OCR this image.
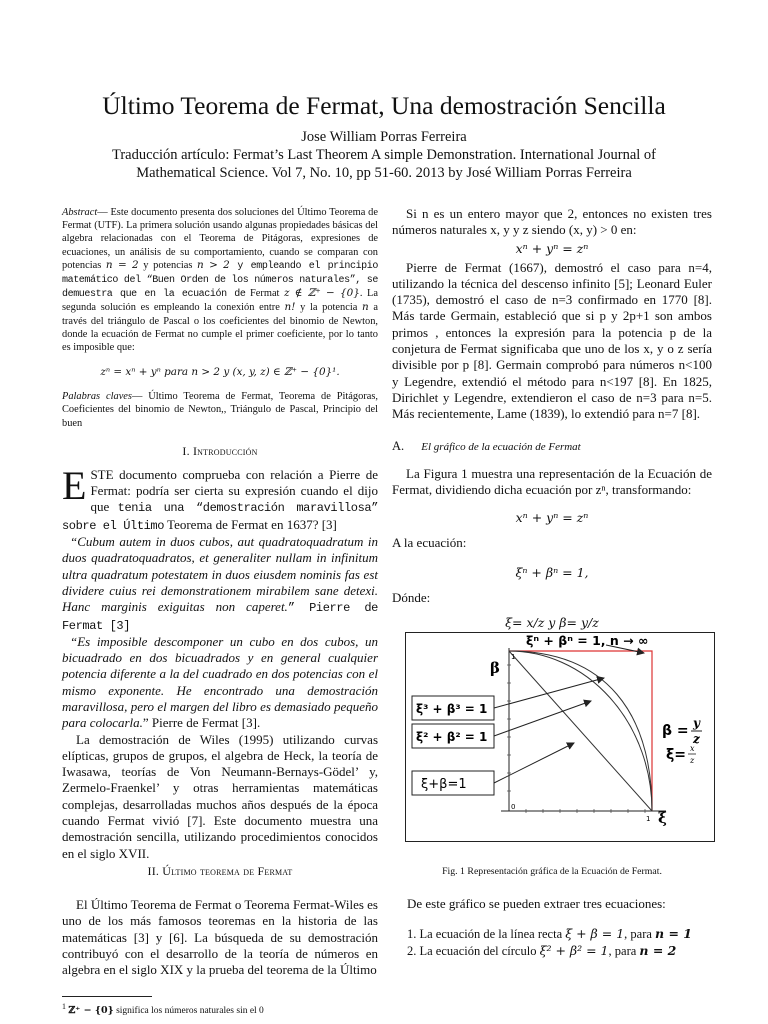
Último Teorema de Fermat, Una demostración Sencilla
Jose William Porras Ferreira
Traducción artículo: Fermat’s Last Theorem A simple Demonstration. International Journal of Mathematical Science. Vol 7, No. 10, pp 51-60. 2013 by José William Porras Ferreira

Abstract— Este documento presenta dos soluciones del Último Teorema de Fermat (UTF). La primera solución usando algunas propiedades básicas del algebra relacionadas con el Teorema de Pitágoras, expresiones de ecuaciones, un análisis de su comportamiento, cuando se comparan con potencias n = 2 y potencias n > 2 y empleando el principio matemático del “Buen Orden de los números naturales”, se demuestra que en la ecuación de Fermat z ∉ ℤ⁺ − {0}. La segunda solución es empleando la conexión entre n! y la potencia n a través del triángulo de Pascal o los coeficientes del binomio de Newton, donde la ecuación de Fermat no cumple el primer coeficiente, por lo tanto es imposible que:

zⁿ = xⁿ + yⁿ para n > 2 y (x, y, z) ∈ ℤ⁺ − {0}¹.

Palabras claves— Último Teorema de Fermat, Teorema de Pitágoras, Coeficientes del binomio de Newton,, Triángulo de Pascal, Principio del buen

I. Introducción

ESTE documento comprueba con relación a Pierre de Fermat: podría ser cierta su expresión cuando el dijo que tenia una “demostración maravillosa” sobre el Último Teorema de Fermat en 1637? [3]

“Cubum autem in duos cubos, aut quadratoquadratum in duos quadratoquadratos, et generaliter nullam in infinitum ultra quadratum potestatem in duos eiusdem nominis fas est dividere cuius rei demonstrationem mirabilem sane detexi. Hanc marginis exiguitas non caperet.” Pierre de Fermat [3]

“Es imposible descomponer un cubo en dos cubos, un bicuadrado en dos bicuadrados y en general cualquier potencia diferente a la del cuadrado en dos potencias con el mismo exponente. He encontrado una demostración maravillosa, pero el margen del libro es demasiado pequeño para colocarla.” Pierre de Fermat [3].

La demostración de Wiles (1995) utilizando curvas elípticas, grupos de grupos, el algebra de Heck, la teoría de Iwasawa, teorías de Von Neumann-Bernays-Gödel’ y, Zermelo-Fraenkel’ y otras herramientas matemáticas complejas, desarrolladas muchos años después de la época cuando Fermat vivió [7]. Este documento muestra una demostración sencilla, utilizando procedimientos conocidos en el siglo XVII.

II. Último teorema de Fermat

El Último Teorema de Fermat o Teorema Fermat-Wiles es uno de los más famosos teoremas en la historia de las matemáticas [3] y [6]. La búsqueda de su demostración contribuyó con el desarrollo de la teoría de números en algebra en el siglo XIX y la prueba del teorema de la Último

$^1$ ℤ⁺ − {0} significa los números naturales sin el 0

Si n es un entero mayor que 2, entonces no existen tres números naturales x, y y z siendo (x, y) > 0 en:

xⁿ + yⁿ = zⁿ

Pierre de Fermat (1667), demostró el caso para n=4, utilizando la técnica del descenso infinito [5]; Leonard Euler (1735), demostró el caso de n=3 confirmado en 1770 [8]. Más tarde Germain, estableció que si p y 2p+1 son ambos primos , entonces la expresión para la potencia p de la conjetura de Fermat significaba que uno de los x, y o z sería divisible por p [8]. Germain comprobó para números n<100 y Legendre, extendió el método para n<197 [8]. En 1825, Dirichlet y Legendre, extendieron el caso de n=3 para n=5. Más recientemente, Lame (1839), lo extendió para n=7 [8].

A. El gráfico de la ecuación de Fermat

La Figura 1 muestra una representación de la Ecuación de Fermat, dividiendo dicha ecuación por zⁿ, transformando:

xⁿ + yⁿ = zⁿ

A la ecuación:

ξⁿ + βⁿ = 1,

Dónde:

ξ= x/z y β= y/z
ξⁿ + βⁿ = 1, n → ∞
β
1
0
1 ξ
ξ³ + β³ = 1
ξ² + β² = 1
ξ+β=1
β = y
z
ξ= x
z
Fig. 1 Representación gráfica de la Ecuación de Fermat.

De este gráfico se pueden extraer tres ecuaciones:

1. La ecuación de la línea recta ξ + β = 1, para n = 1
2. La ecuación del círculo ξ² + β² = 1, para n = 2
